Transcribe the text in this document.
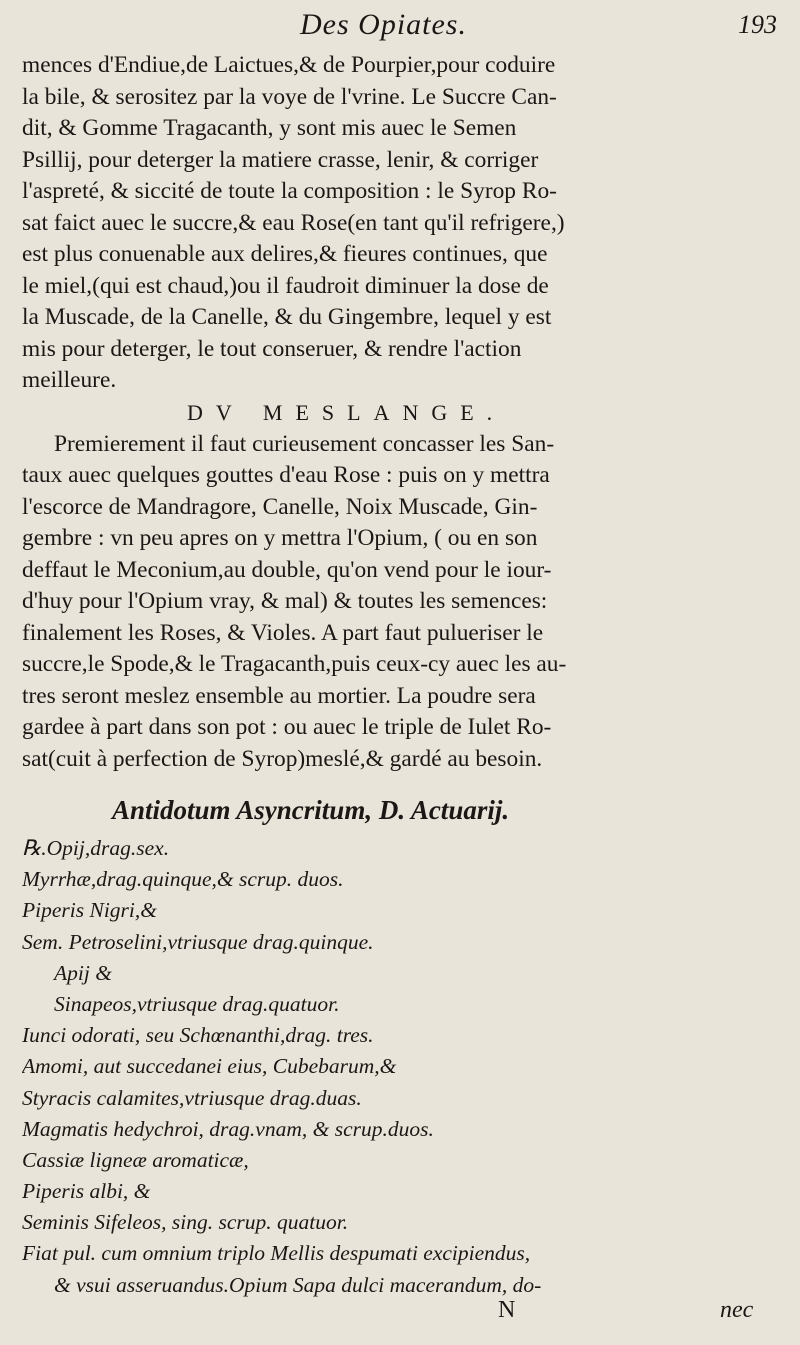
Des Opiates.	193
mences d'Endiue,de Laictues,& de Pourpier,pour coduire
la bile, & serositez par la voye de l'vrine. Le Succre Can-
dit, & Gomme Tragacanth, y sont mis auec le Semen
Psillij, pour deterger la matiere crasse, lenir, & corriger
l'aspreté, & siccité de toute la composition : le Syrop Ro-
sat faict auec le succre,& eau Rose(en tant qu'il refrigere,)
est plus conuenable aux delires,& fieures continues, que
le miel,(qui est chaud,)ou il faudroit diminuer la dose de
la Muscade, de la Canelle, & du Gingembre, lequel y est
mis pour deterger, le tout conseruer, & rendre l'action
meilleure.
DV MESLANGE.
Premierement il faut curieusement concasser les San-
taux auec quelques gouttes d'eau Rose : puis on y mettra
l'escorce de Mandragore, Canelle, Noix Muscade, Gin-
gembre : vn peu apres on y mettra l'Opium, ( ou en son
deffaut le Meconium,au double, qu'on vend pour le iour-
d'huy pour l'Opium vray, & mal) & toutes les semences:
finalement les Roses, & Violes. A part faut pulueriser le
succre,le Spode,& le Tragacanth,puis ceux-cy auec les au-
tres seront meslez ensemble au mortier. La poudre sera
gardee à part dans son pot : ou auec le triple de Iulet Ro-
sat(cuit à perfection de Syrop)meslé,& gardé au besoin.
Antidotum Asyncritum, D. Actuarij.
℞.Opij,drag.sex.
Myrrhæ,drag.quinque,& scrup. duos.
Piperis Nigri,&
Sem. Petroselini,vtriusque drag.quinque.
Apij &
Sinapeos,vtriusque drag.quatuor.
Iunci odorati, seu Schœnanthi,drag. tres.
Amomi, aut succedanei eius, Cubebarum,&
Styracis calamites,vtriusque drag.duas.
Magmatis hedychroi, drag.vnam, & scrup.duos.
Cassiæ ligneæ aromaticæ,
Piperis albi, &
Seminis Sifeleos, sing. scrup. quatuor.
Fiat pul. cum omnium triplo Mellis despumati excipiendus,
& vsui asseruandus.Opium Sapa dulci macerandum, do-
N	nec
